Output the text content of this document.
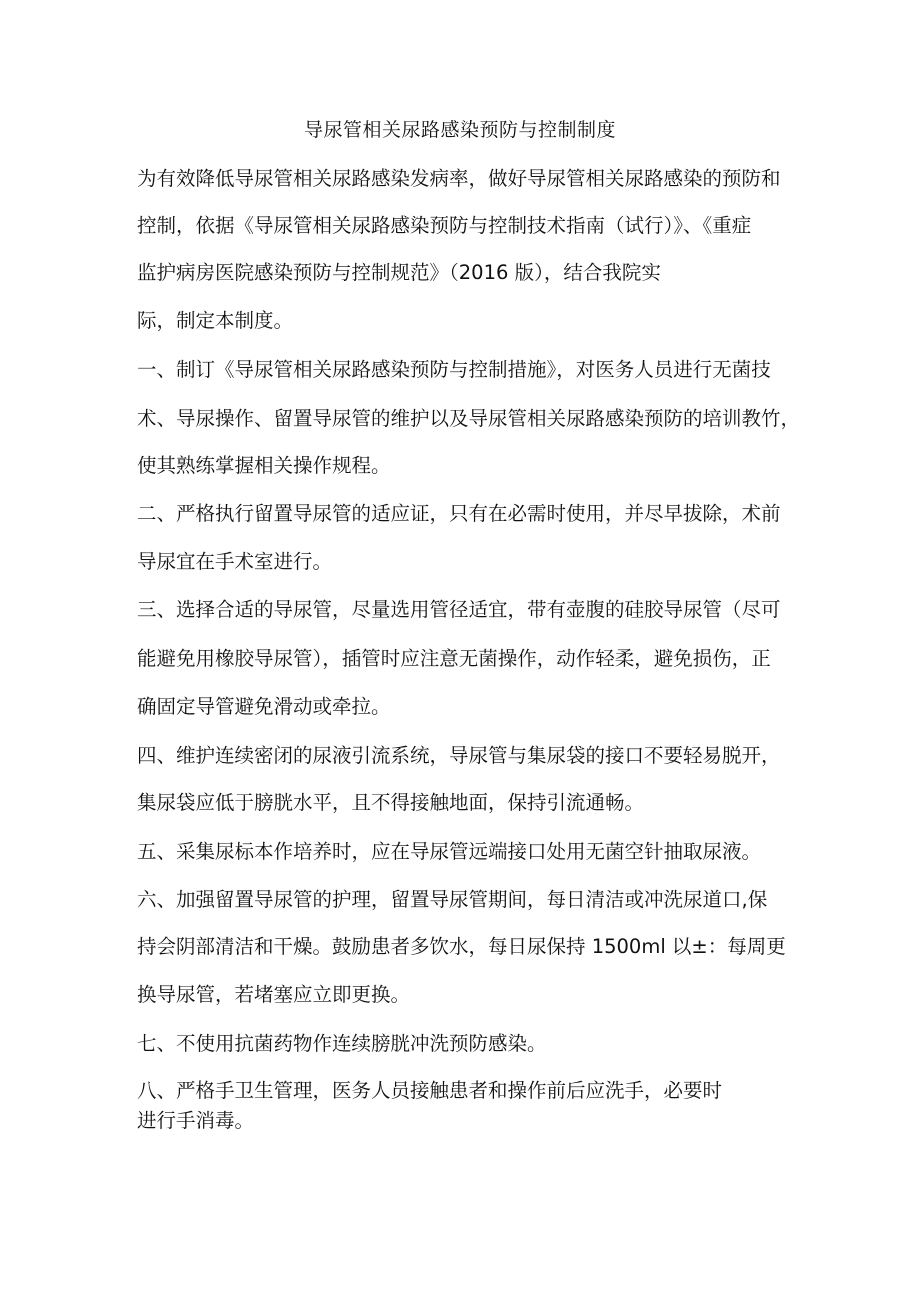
导尿管相关尿路感染预防与控制制度
为有效降低导尿管相关尿路感染发病率，做好导尿管相关尿路感染的预防和
控制，依据《导尿管相关尿路感染预防与控制技术指南（试行）》、《重症
监护病房医院感染预防与控制规范》（2016 版），结合我院实
际，制定本制度。
一、制订《导尿管相关尿路感染预防与控制措施》，对医务人员进行无菌技
术、导尿操作、留置导尿管的维护以及导尿管相关尿路感染预防的培训教竹，
使其熟练掌握相关操作规程。
二、严格执行留置导尿管的适应证，只有在必需时使用，并尽早拔除，术前
导尿宜在手术室进行。
三、选择合适的导尿管，尽量选用管径适宜，带有壶腹的硅胶导尿管（尽可
能避免用橡胶导尿管），插管时应注意无菌操作，动作轻柔，避免损伤，正
确固定导管避免滑动或牵拉。
四、维护连续密闭的尿液引流系统，导尿管与集尿袋的接口不要轻易脱开，
集尿袋应低于膀胱水平，且不得接触地面，保持引流通畅。
五、采集尿标本作培养时，应在导尿管远端接口处用无菌空针抽取尿液。
六、加强留置导尿管的护理，留置导尿管期间，每日清洁或冲洗尿道口,保
持会阴部清洁和干燥。鼓励患者多饮水，每日尿保持 1500ml 以±：每周更
换导尿管，若堵塞应立即更换。
七、不使用抗菌药物作连续膀胱冲洗预防感染。
八、严格手卫生管理，医务人员接触患者和操作前后应洗手，必要时
进行手消毒。
